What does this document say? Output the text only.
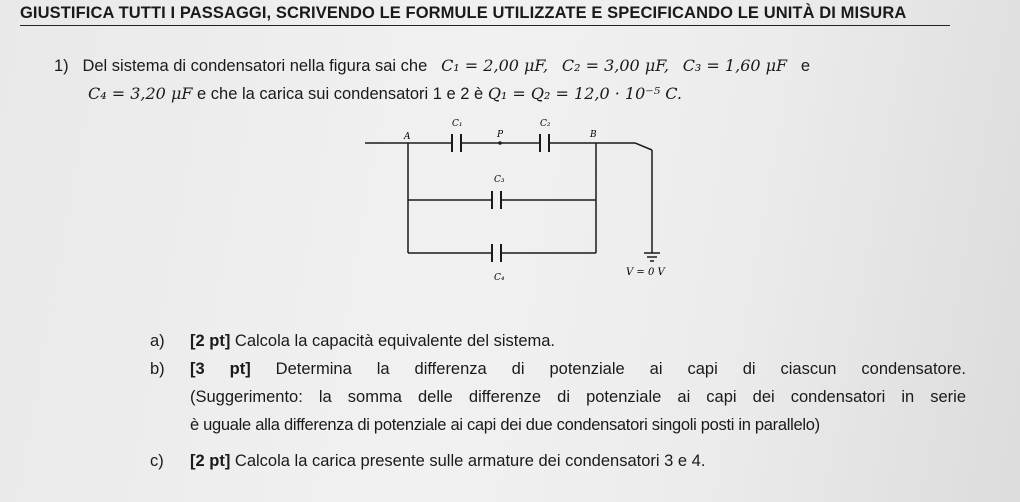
GIUSTIFICA TUTTI I PASSAGGI, SCRIVENDO LE FORMULE UTILIZZATE E SPECIFICANDO LE UNITÀ DI MISURA
1) Del sistema di condensatori nella figura sai che C₁ = 2,00 μF, C₂ = 3,00 μF, C₃ = 1,60 μF e
C₄ = 3,20 μF e che la carica sui condensatori 1 e 2 è Q₁ = Q₂ = 12,0 · 10⁻⁵ C.
A	P	B
C₁	C₂
C₃
C₄	V = 0 V
a) [2 pt] Calcola la capacità equivalente del sistema.
b) [3 pt] Determina la differenza di potenziale ai capi di ciascun condensatore.
(Suggerimento: la somma delle differenze di potenziale ai capi dei condensatori in serie
è uguale alla differenza di potenziale ai capi dei due condensatori singoli posti in parallelo)
c) [2 pt] Calcola la carica presente sulle armature dei condensatori 3 e 4.
